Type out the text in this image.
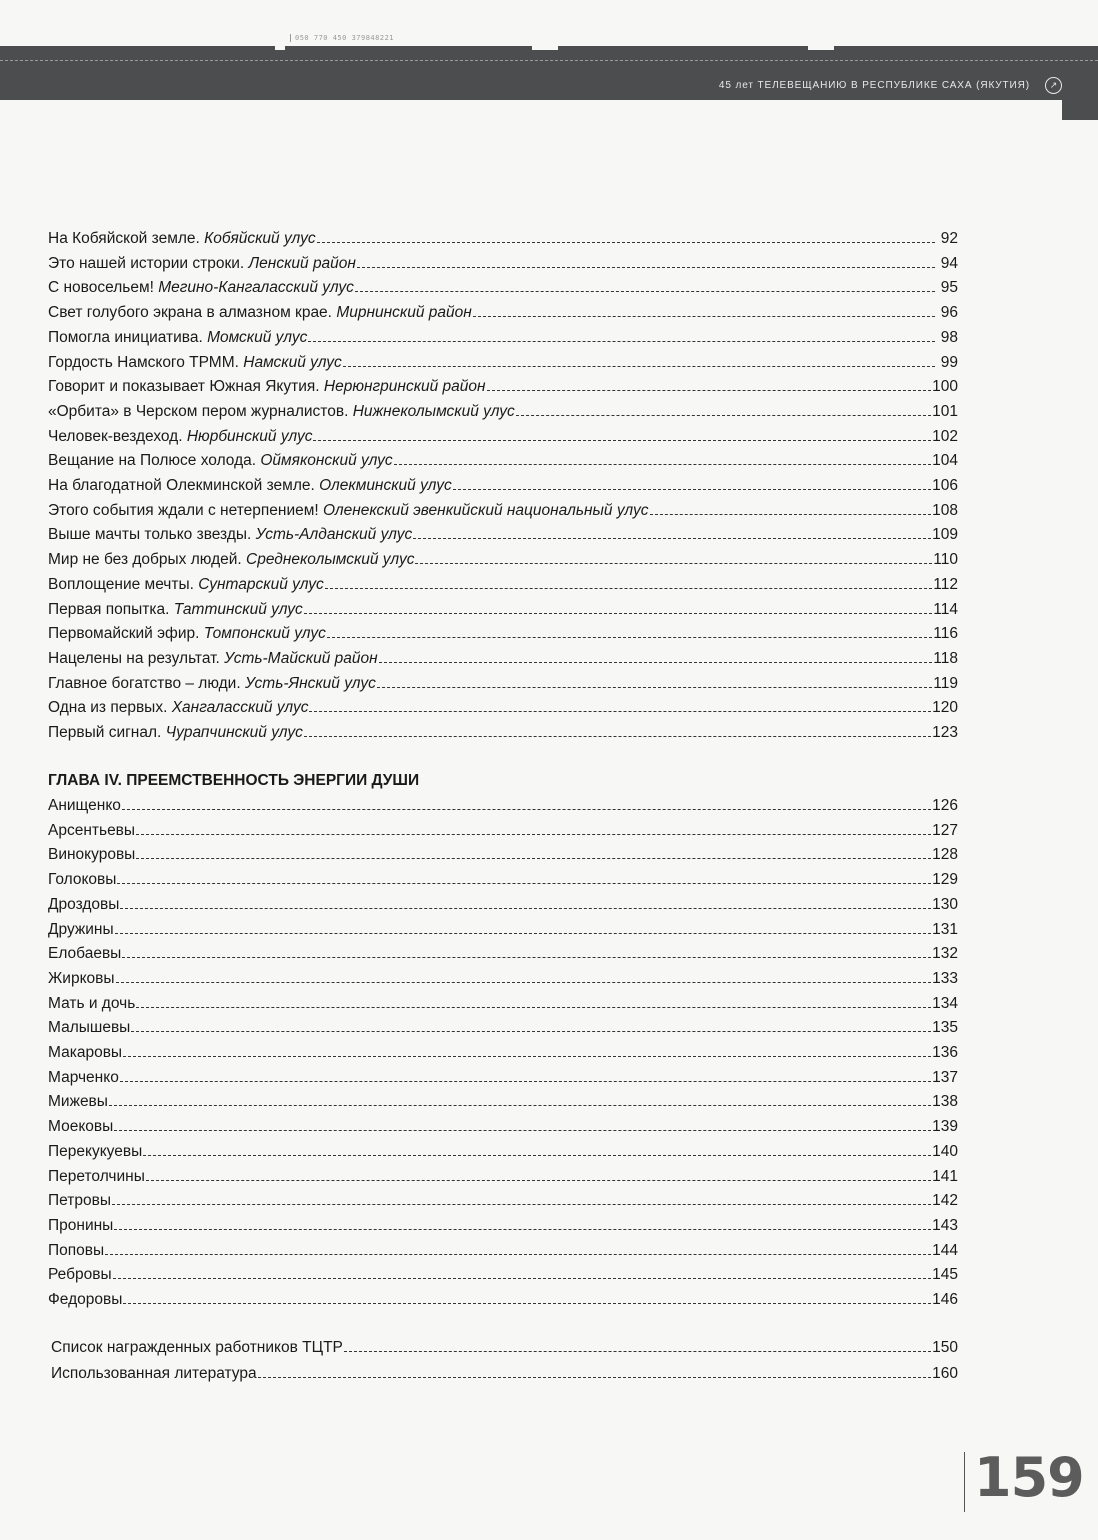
050 770 450 379848221
45 лет ТЕЛЕВЕЩАНИЮ В РЕСПУБЛИКЕ САХА (ЯКУТИЯ)	↗
ГЛАВА IV. ПРЕЕМСТВЕННОСТЬ ЭНЕРГИИ ДУШИ
На Кобяйской земле. Кобяйский улус	92
Это нашей истории строки. Ленский район	94
С новосельем! Мегино-Кангаласский улус	95
Свет голубого экрана в алмазном крае. Мирнинский район	96
Помогла инициатива. Момский улус	98
Гордость Намского ТРММ. Намский улус	99
Говорит и показывает Южная Якутия. Нерюнгринский район	100
«Орбита» в Черском пером журналистов. Нижнеколымский улус	101
Человек-вездеход. Нюрбинский улус	102
Вещание на Полюсе холода. Оймяконский улус	104
На благодатной Олекминской земле. Олекминский улус	106
Этого события ждали с нетерпением! Оленекский эвенкийский национальный улус	108
Выше мачты только звезды. Усть-Алданский улус	109
Мир не без добрых людей. Среднеколымский улус	110
Воплощение мечты. Сунтарский улус	112
Первая попытка. Таттинский улус	114
Первомайский эфир. Томпонский улус	116
Нацелены на результат. Усть-Майский район	118
Главное богатство – люди. Усть-Янский улус	119
Одна из первых. Хангаласский улус	120
Первый сигнал. Чурапчинский улус	123
Анищенко	126
Арсентьевы	127
Винокуровы	128
Голоковы	129
Дроздовы	130
Дружины	131
Елобаевы	132
Жирковы	133
Мать и дочь	134
Малышевы	135
Макаровы	136
Марченко	137
Мижевы	138
Моековы	139
Перекукуевы	140
Перетолчины	141
Петровы	142
Пронины	143
Поповы	144
Ребровы	145
Федоровы	146
Список награжденных работников ТЦТР	150
Использованная литература	160
159
